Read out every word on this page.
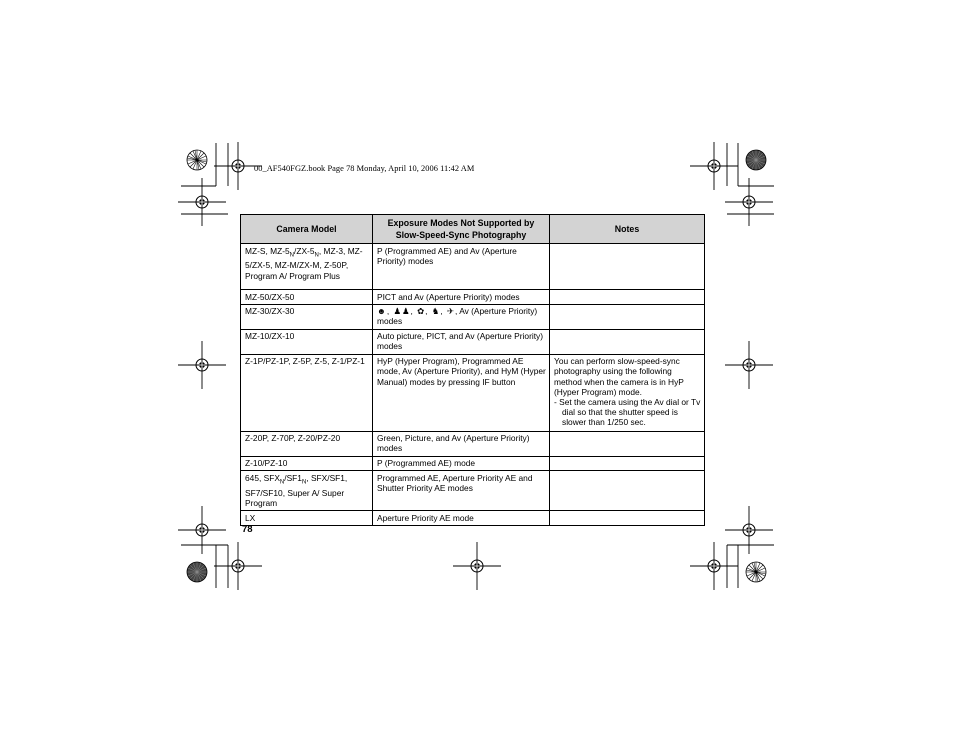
00_AF540FGZ.book Page 78 Monday, April 10, 2006 11:42 AM
Camera Model	Exposure Modes Not Supported by Slow-Speed-Sync Photography	Notes
MZ-S, $MZ-5_N/ZX-5_N$, MZ-3, MZ-5/ZX-5, MZ-M/ZX-M, Z-50P, Program A/ Program Plus	P (Programmed AE) and Av (Aperture Priority) modes	
MZ-50/ZX-50	PICT and Av (Aperture Priority) modes	
MZ-30/ZX-30	☻, ♟♟, ✿, ♞, ✈, Av (Aperture Priority) modes	
MZ-10/ZX-10	Auto picture, PICT, and Av (Aperture Priority) modes	
Z-1P/PZ-1P, Z-5P, Z-5, Z-1/PZ-1	HyP (Hyper Program), Programmed AE mode, Av (Aperture Priority), and HyM (Hyper Manual) modes by pressing IF button	You can perform slow-speed-sync photography using the following method when the camera is in HyP (Hyper Program) mode.
- Set the camera using the Av dial or Tv dial so that the shutter speed is slower than 1/250 sec.

Z-20P, Z-70P, Z-20/PZ-20	Green, Picture, and Av (Aperture Priority) modes	
Z-10/PZ-10	P (Programmed AE) mode	
645, $SFX_N/SF1_N$, SFX/SF1, SF7/SF10, Super A/ Super Program	Programmed AE, Aperture Priority AE and Shutter Priority AE modes	
LX	Aperture Priority AE mode	
78
